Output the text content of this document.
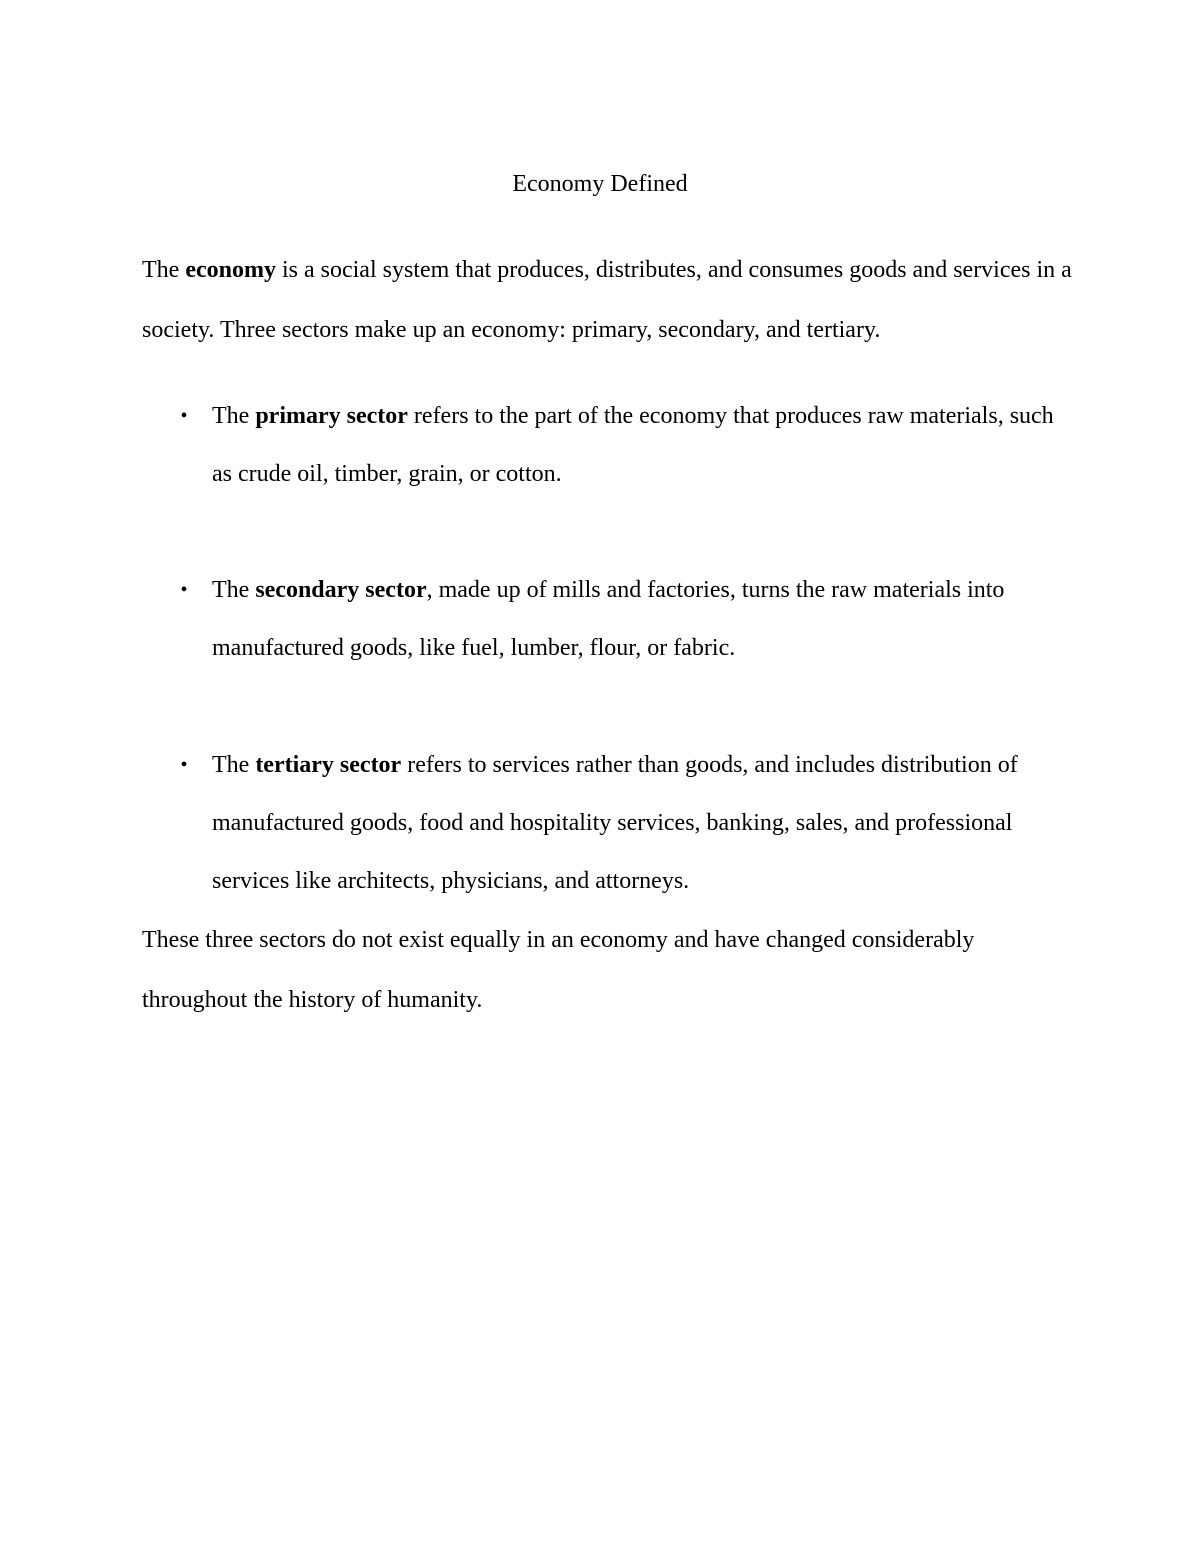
Economy Defined

The economy is a social system that produces, distributes, and consumes goods and services in a society. Three sectors make up an economy: primary, secondary, and tertiary.

• The primary sector refers to the part of the economy that produces raw materials, such as crude oil, timber, grain, or cotton.

• The secondary sector, made up of mills and factories, turns the raw materials into manufactured goods, like fuel, lumber, flour, or fabric.

• The tertiary sector refers to services rather than goods, and includes distribution of manufactured goods, food and hospitality services, banking, sales, and professional services like architects, physicians, and attorneys.

These three sectors do not exist equally in an economy and have changed considerably throughout the history of humanity.
